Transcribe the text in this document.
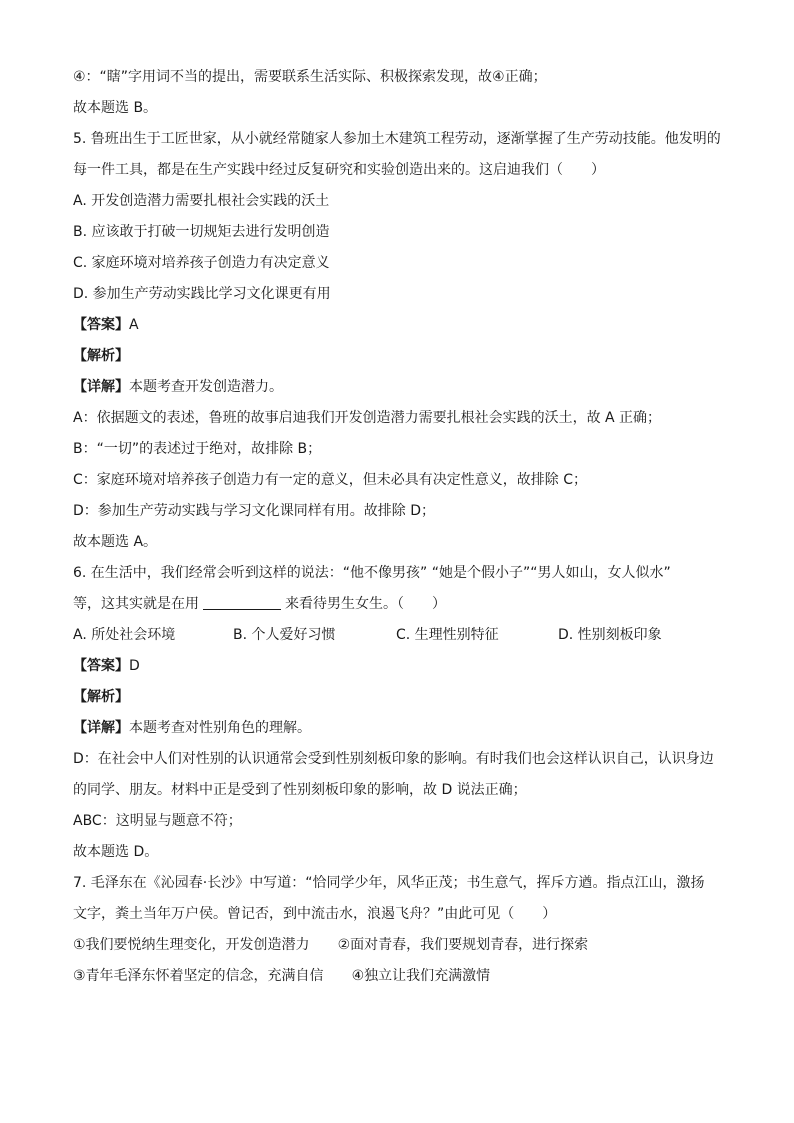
④：“瞎”字用词不当的提出，需要联系生活实际、积极探索发现，故④正确；
故本题选 B。
5. 鲁班出生于工匠世家，从小就经常随家人参加土木建筑工程劳动，逐渐掌握了生产劳动技能。他发明的
每一件工具，都是在生产实践中经过反复研究和实验创造出来的。这启迪我们（　　）
A. 开发创造潜力需要扎根社会实践的沃土
B. 应该敢于打破一切规矩去进行发明创造
C. 家庭环境对培养孩子创造力有决定意义
D. 参加生产劳动实践比学习文化课更有用
【答案】A
【解析】
【详解】本题考查开发创造潜力。
A：依据题文的表述，鲁班的故事启迪我们开发创造潜力需要扎根社会实践的沃土，故 A 正确；
B：“一切”的表述过于绝对，故排除 B；
C：家庭环境对培养孩子创造力有一定的意义，但未必具有决定性意义，故排除 C；
D：参加生产劳动实践与学习文化课同样有用。故排除 D；
故本题选 A。
6. 在生活中，我们经常会听到这样的说法：“他不像男孩” “她是个假小子”“男人如山，女人似水”
等，这其实就是在用	来看待男生女生。（　　）
A. 所处社会环境	B. 个人爱好习惯	C. 生理性别特征	D. 性别刻板印象
【答案】D
【解析】
【详解】本题考查对性别角色的理解。
D：在社会中人们对性别的认识通常会受到性别刻板印象的影响。有时我们也会这样认识自己，认识身边
的同学、朋友。材料中正是受到了性别刻板印象的影响，故 D 说法正确；
ABC：这明显与题意不符；
故本题选 D。
7. 毛泽东在《沁园春·长沙》中写道：“恰同学少年，风华正茂；书生意气，挥斥方遒。指点江山，激扬
文字，粪土当年万户侯。曾记否，到中流击水，浪遏飞舟？”由此可见（　　）
①我们要悦纳生理变化，开发创造潜力 ②面对青春，我们要规划青春，进行探索
③青年毛泽东怀着坚定的信念，充满自信 ④独立让我们充满激情
